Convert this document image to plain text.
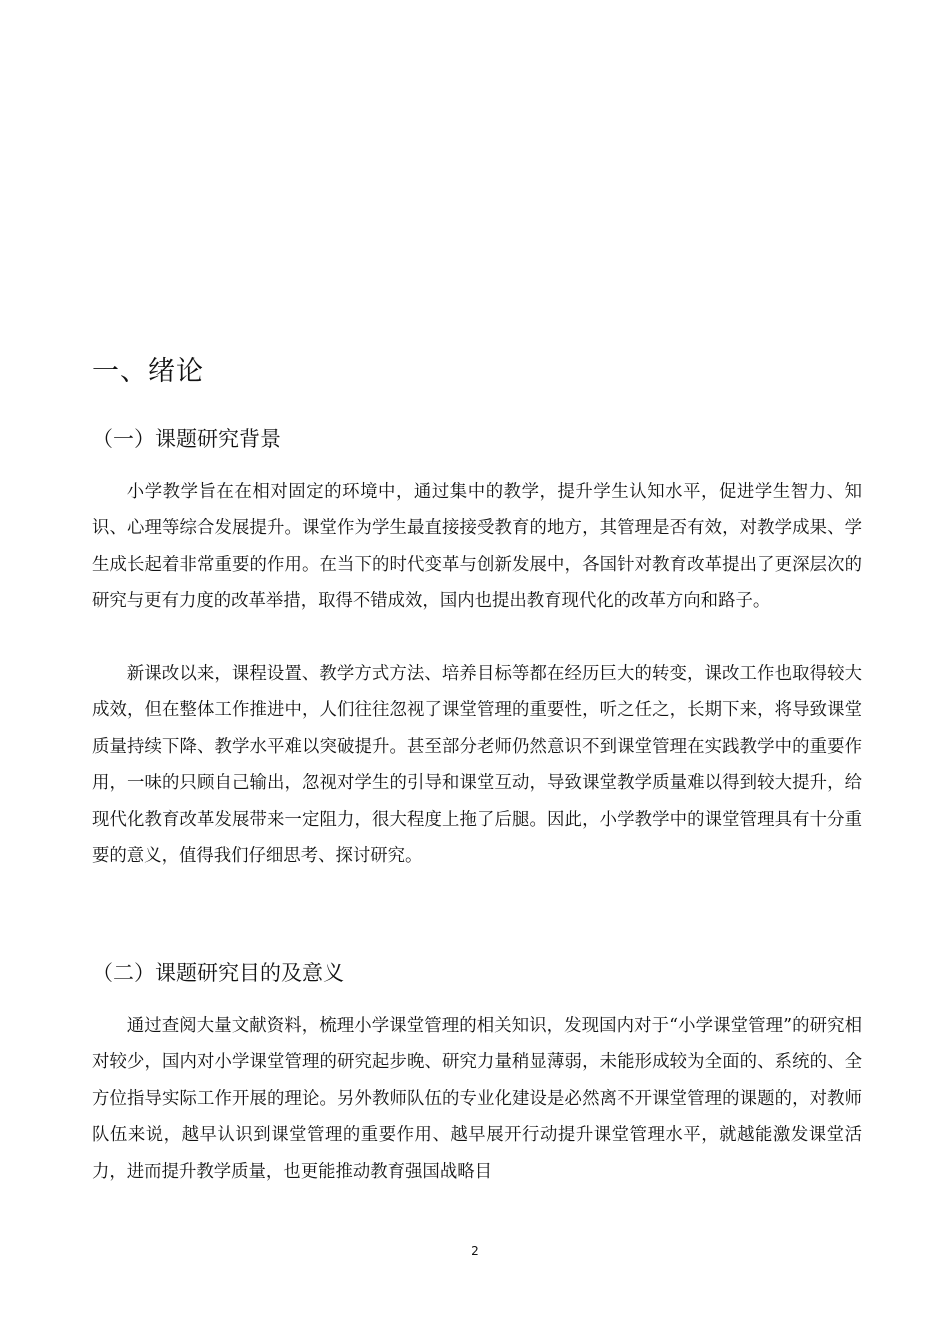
一、绪论
（一）课题研究背景

小学教学旨在在相对固定的环境中，通过集中的教学，提升学生认知水平，促进学生智力、知识、心理等综合发展提升。课堂作为学生最直接接受教育的地方，其管理是否有效，对教学成果、学生成长起着非常重要的作用。在当下的时代变革与创新发展中，各国针对教育改革提出了更深层次的研究与更有力度的改革举措，取得不错成效，国内也提出教育现代化的改革方向和路子。

新课改以来，课程设置、教学方式方法、培养目标等都在经历巨大的转变，课改工作也取得较大成效，但在整体工作推进中，人们往往忽视了课堂管理的重要性，听之任之，长期下来，将导致课堂质量持续下降、教学水平难以突破提升。甚至部分老师仍然意识不到课堂管理在实践教学中的重要作用，一味的只顾自己输出，忽视对学生的引导和课堂互动，导致课堂教学质量难以得到较大提升，给现代化教育改革发展带来一定阻力，很大程度上拖了后腿。因此，小学教学中的课堂管理具有十分重要的意义，值得我们仔细思考、探讨研究。

（二）课题研究目的及意义

通过查阅大量文献资料，梳理小学课堂管理的相关知识，发现国内对于“小学课堂管理”的研究相对较少，国内对小学课堂管理的研究起步晚、研究力量稍显薄弱，未能形成较为全面的、系统的、全方位指导实际工作开展的理论。另外教师队伍的专业化建设是必然离不开课堂管理的课题的，对教师队伍来说，越早认识到课堂管理的重要作用、越早展开行动提升课堂管理水平，就越能激发课堂活力，进而提升教学质量，也更能推动教育强国战略目

2
